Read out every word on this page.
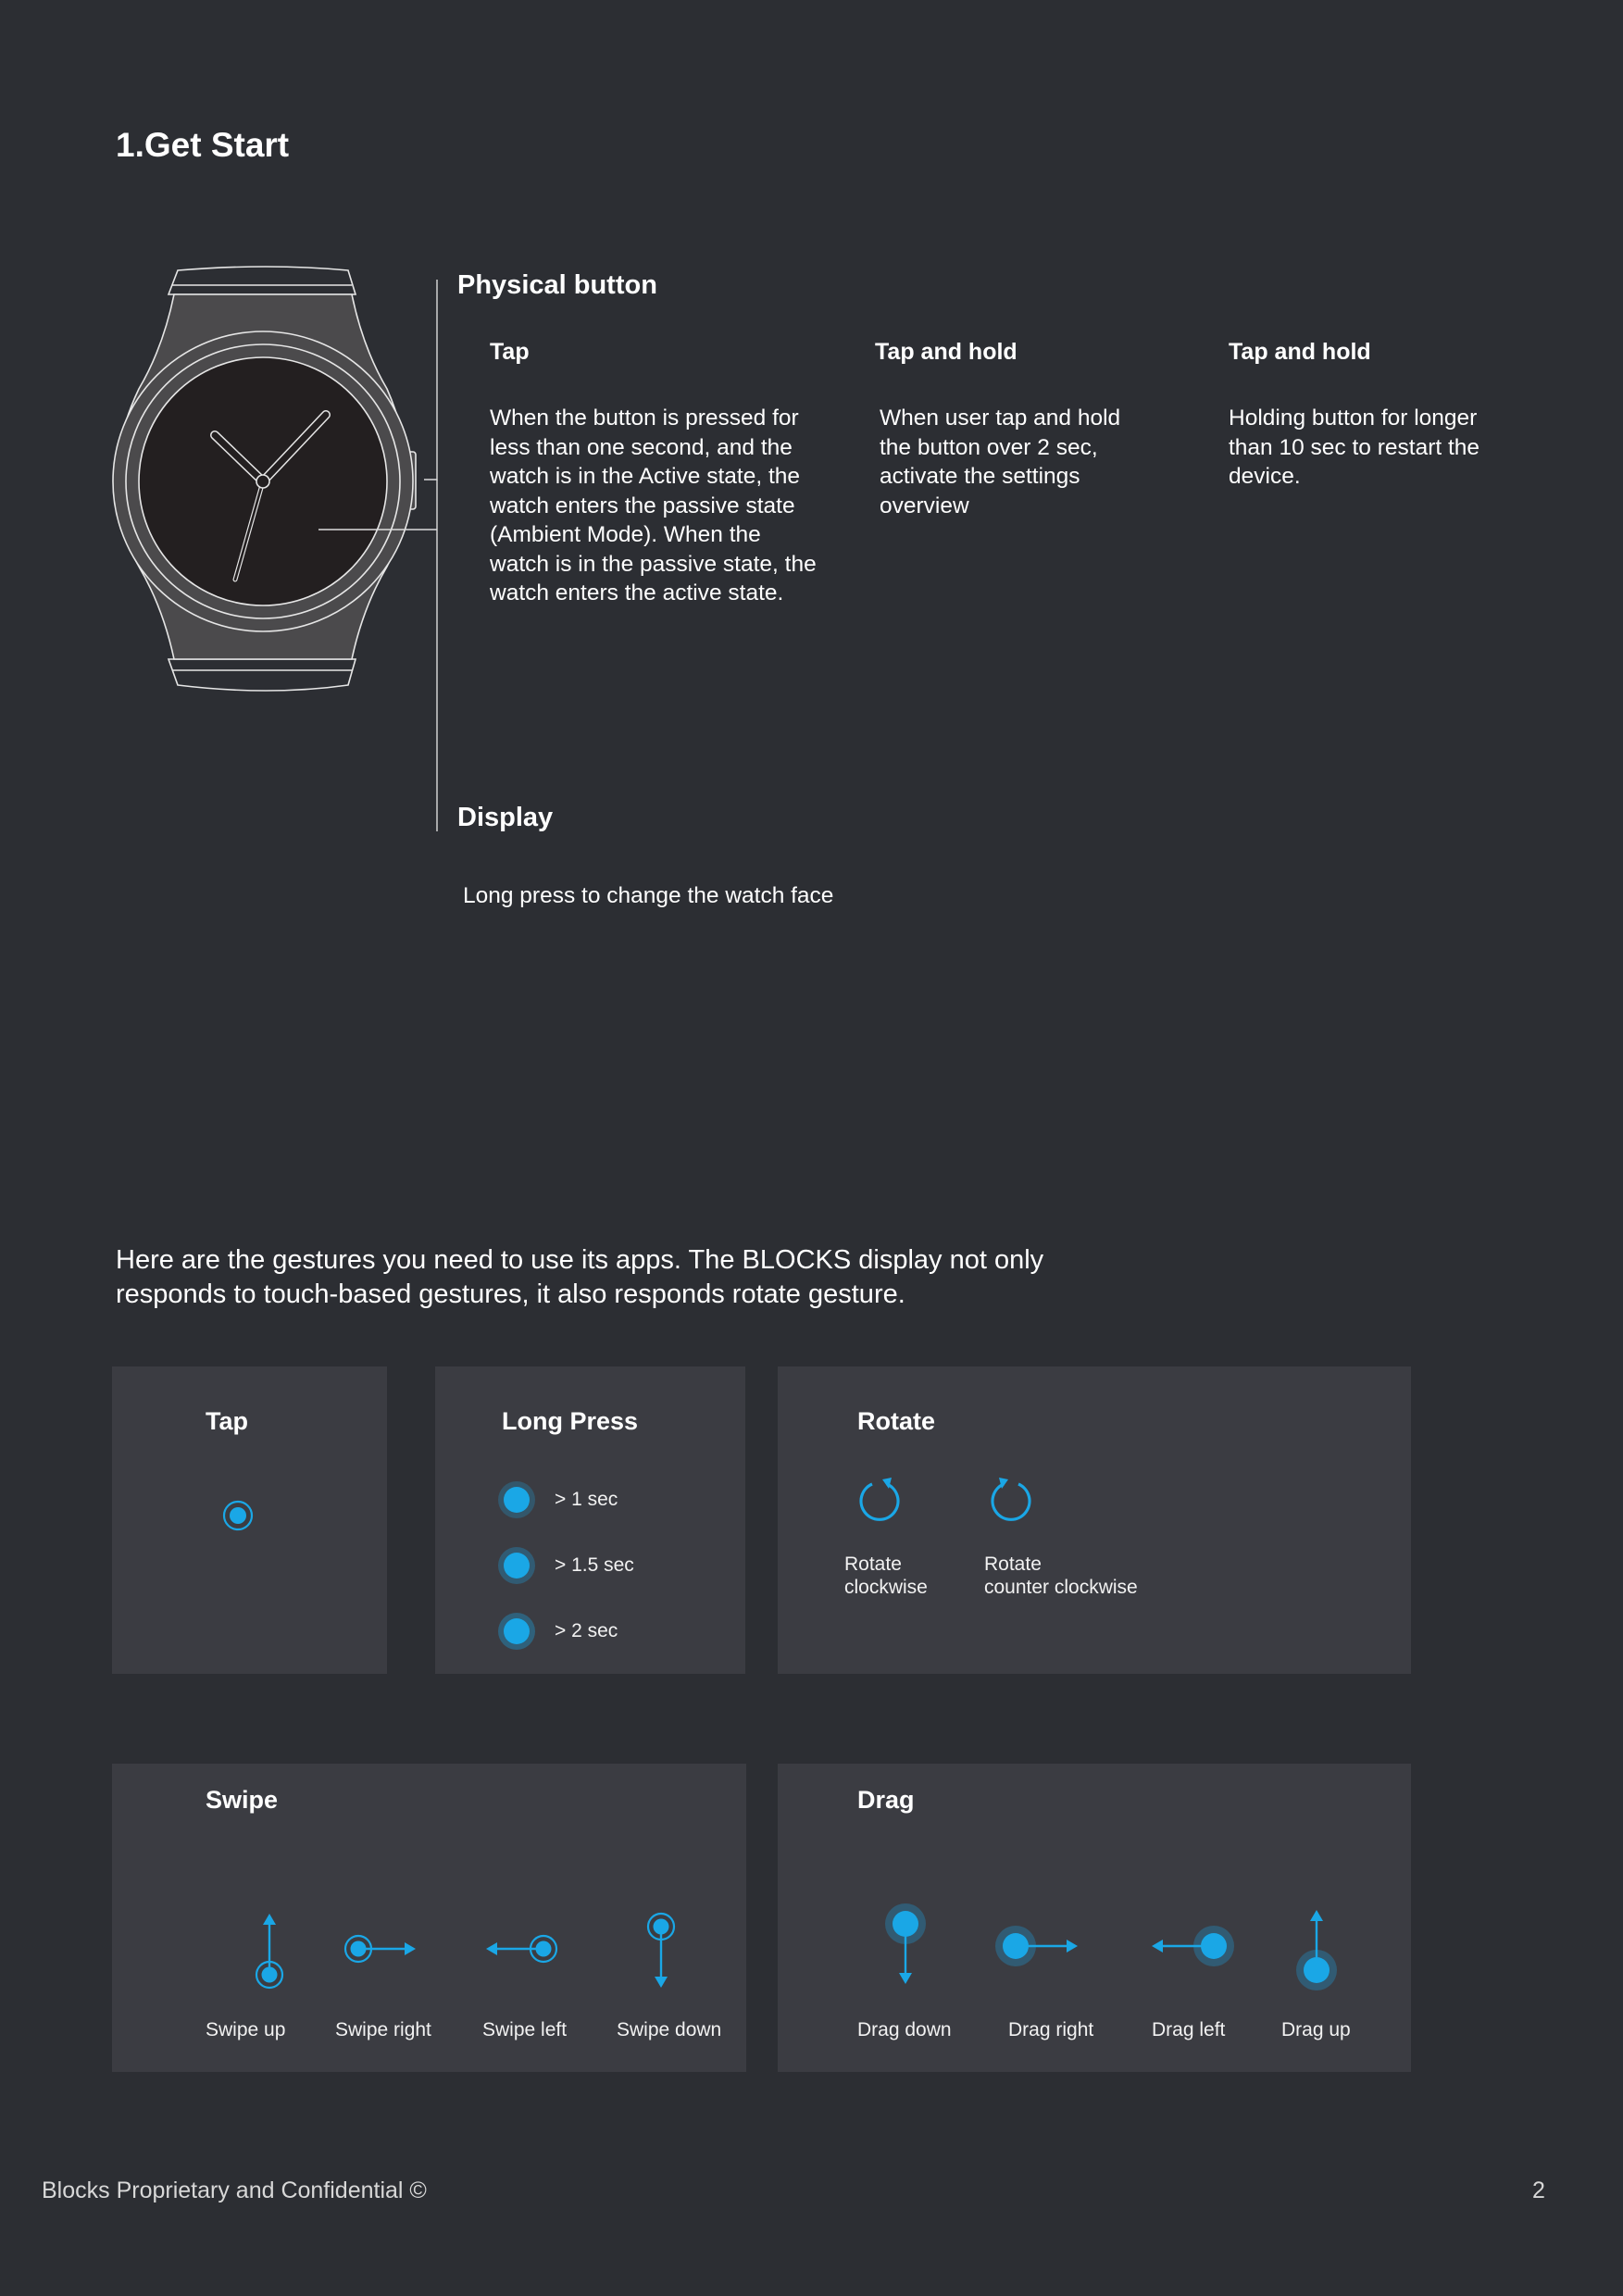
1.Get Start
Physical button
Tap
When the button is pressed for less than one second, and the watch is in the Active state, the watch enters the passive state (Ambient Mode). When the watch is in the passive state, the watch enters the active state.
Tap and hold
When user tap and hold the button over 2 sec, activate the settings overview
Tap and hold
Holding button for longer than 10 sec to restart the device.
Display
Long press to change the watch face

Here are the gestures you need to use its apps. The BLOCKS display not only responds to touch-based gestures, it also responds rotate gesture.

Tap	Long Press
> 1 sec
> 1.5 sec
> 2 sec
Rotate
Rotate
clockwise
Rotate
counter clockwise
Swipe
Swipe up	Swipe right	Swipe left	Swipe down
Drag
Drag down	Drag right	Drag left	Drag up
Blocks Proprietary and Confidential ©	2
